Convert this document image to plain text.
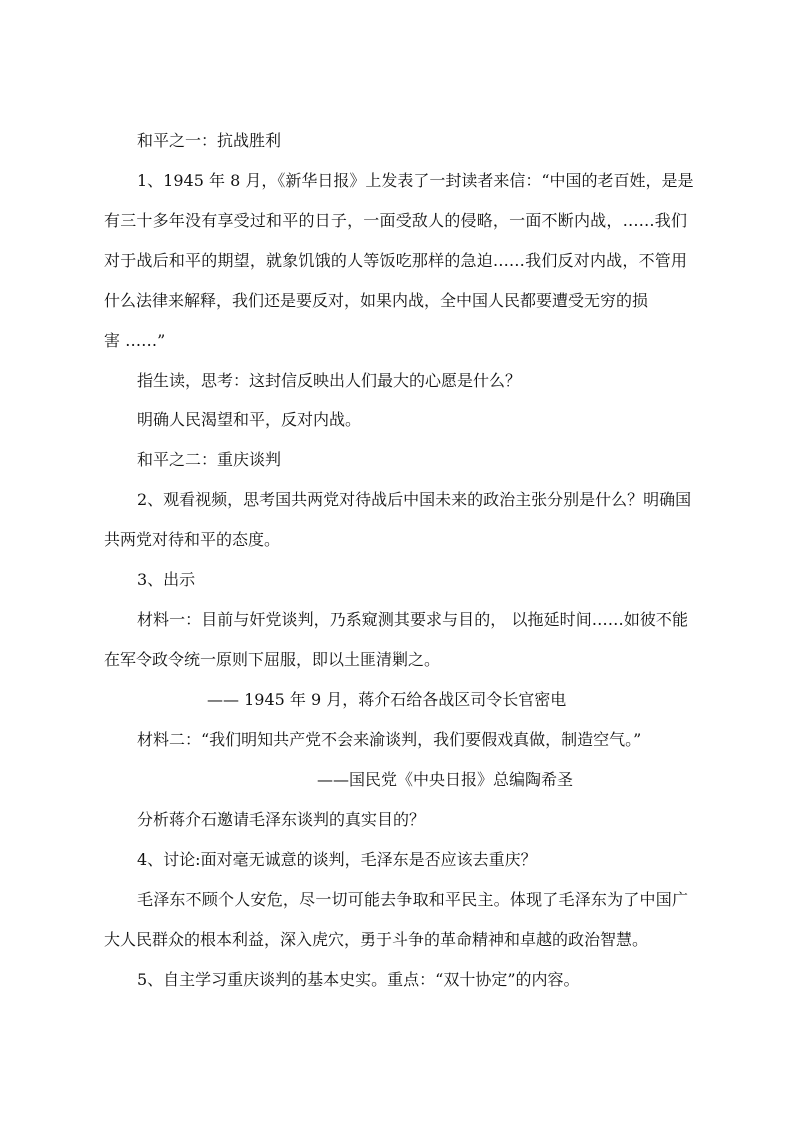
和平之一：抗战胜利
1、1945 年 8 月，《新华日报》上发表了一封读者来信：“中国的老百姓，是是
有三十多年没有享受过和平的日子，一面受敌人的侵略，一面不断内战，……我们
对于战后和平的期望，就象饥饿的人等饭吃那样的急迫……我们反对内战，不管用
什么法律来解释，我们还是要反对，如果内战，全中国人民都要遭受无穷的损
害 ……”
指生读，思考：这封信反映出人们最大的心愿是什么？
明确人民渴望和平，反对内战。
和平之二：重庆谈判
2、观看视频，思考国共两党对待战后中国未来的政治主张分别是什么？明确国
共两党对待和平的态度。
3、出示
材料一：目前与奸党谈判，乃系窥测其要求与目的， 以拖延时间……如彼不能
在军令政令统一原则下屈服，即以土匪清剿之。
—— 1945 年 9 月，蒋介石给各战区司令长官密电
材料二：“我们明知共产党不会来渝谈判，我们要假戏真做，制造空气。”
——国民党《中央日报》总编陶希圣
分析蒋介石邀请毛泽东谈判的真实目的？
4、讨论:面对毫无诚意的谈判，毛泽东是否应该去重庆？
毛泽东不顾个人安危，尽一切可能去争取和平民主。体现了毛泽东为了中国广
大人民群众的根本利益，深入虎穴，勇于斗争的革命精神和卓越的政治智慧。
5、自主学习重庆谈判的基本史实。重点：“双十协定”的内容。
